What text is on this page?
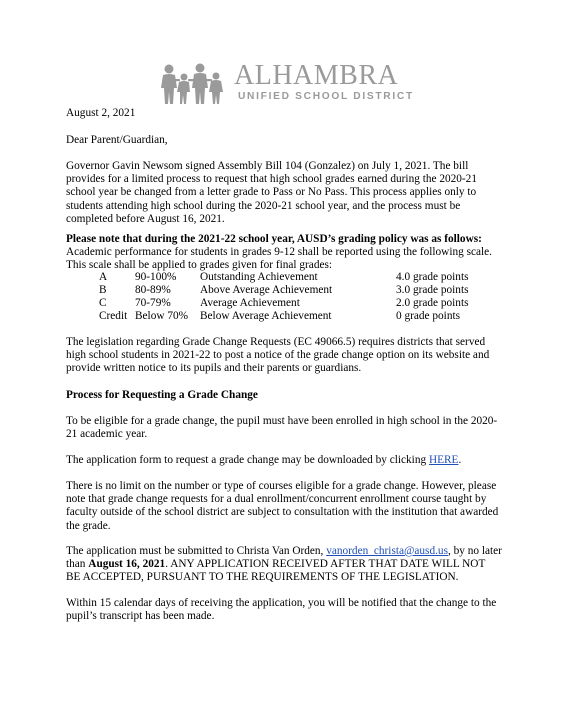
ALHAMBRA
UNIFIED SCHOOL DISTRICT
August 2, 2021
Dear Parent/Guardian,
Governor Gavin Newsom signed Assembly Bill 104 (Gonzalez) on July 1, 2021. The bill
provides for a limited process to request that high school grades earned during the 2020-21
school year be changed from a letter grade to Pass or No Pass. This process applies only to
students attending high school during the 2020-21 school year, and the process must be
completed before August 16, 2021.
Please note that during the 2021-22 school year, AUSD’s grading policy was as follows:
Academic performance for students in grades 9-12 shall be reported using the following scale.
This scale shall be applied to grades given for final grades:
A 90-100% Outstanding Achievement	4.0 grade points
B	80-89%	Above Average Achievement	3.0 grade points
C	70-79%	Average Achievement	2.0 grade points
Credit Below 70% Below Average Achievement	0 grade points
The legislation regarding Grade Change Requests (EC 49066.5) requires districts that served
high school students in 2021-22 to post a notice of the grade change option on its website and
provide written notice to its pupils and their parents or guardians.
Process for Requesting a Grade Change
To be eligible for a grade change, the pupil must have been enrolled in high school in the 2020-
21 academic year.
The application form to request a grade change may be downloaded by clicking HERE.
There is no limit on the number or type of courses eligible for a grade change. However, please
note that grade change requests for a dual enrollment/concurrent enrollment course taught by
faculty outside of the school district are subject to consultation with the institution that awarded
the grade.
The application must be submitted to Christa Van Orden, vanorden_christa@ausd.us, by no later
than August 16, 2021. ANY APPLICATION RECEIVED AFTER THAT DATE WILL NOT
BE ACCEPTED, PURSUANT TO THE REQUIREMENTS OF THE LEGISLATION.
Within 15 calendar days of receiving the application, you will be notified that the change to the
pupil’s transcript has been made.
